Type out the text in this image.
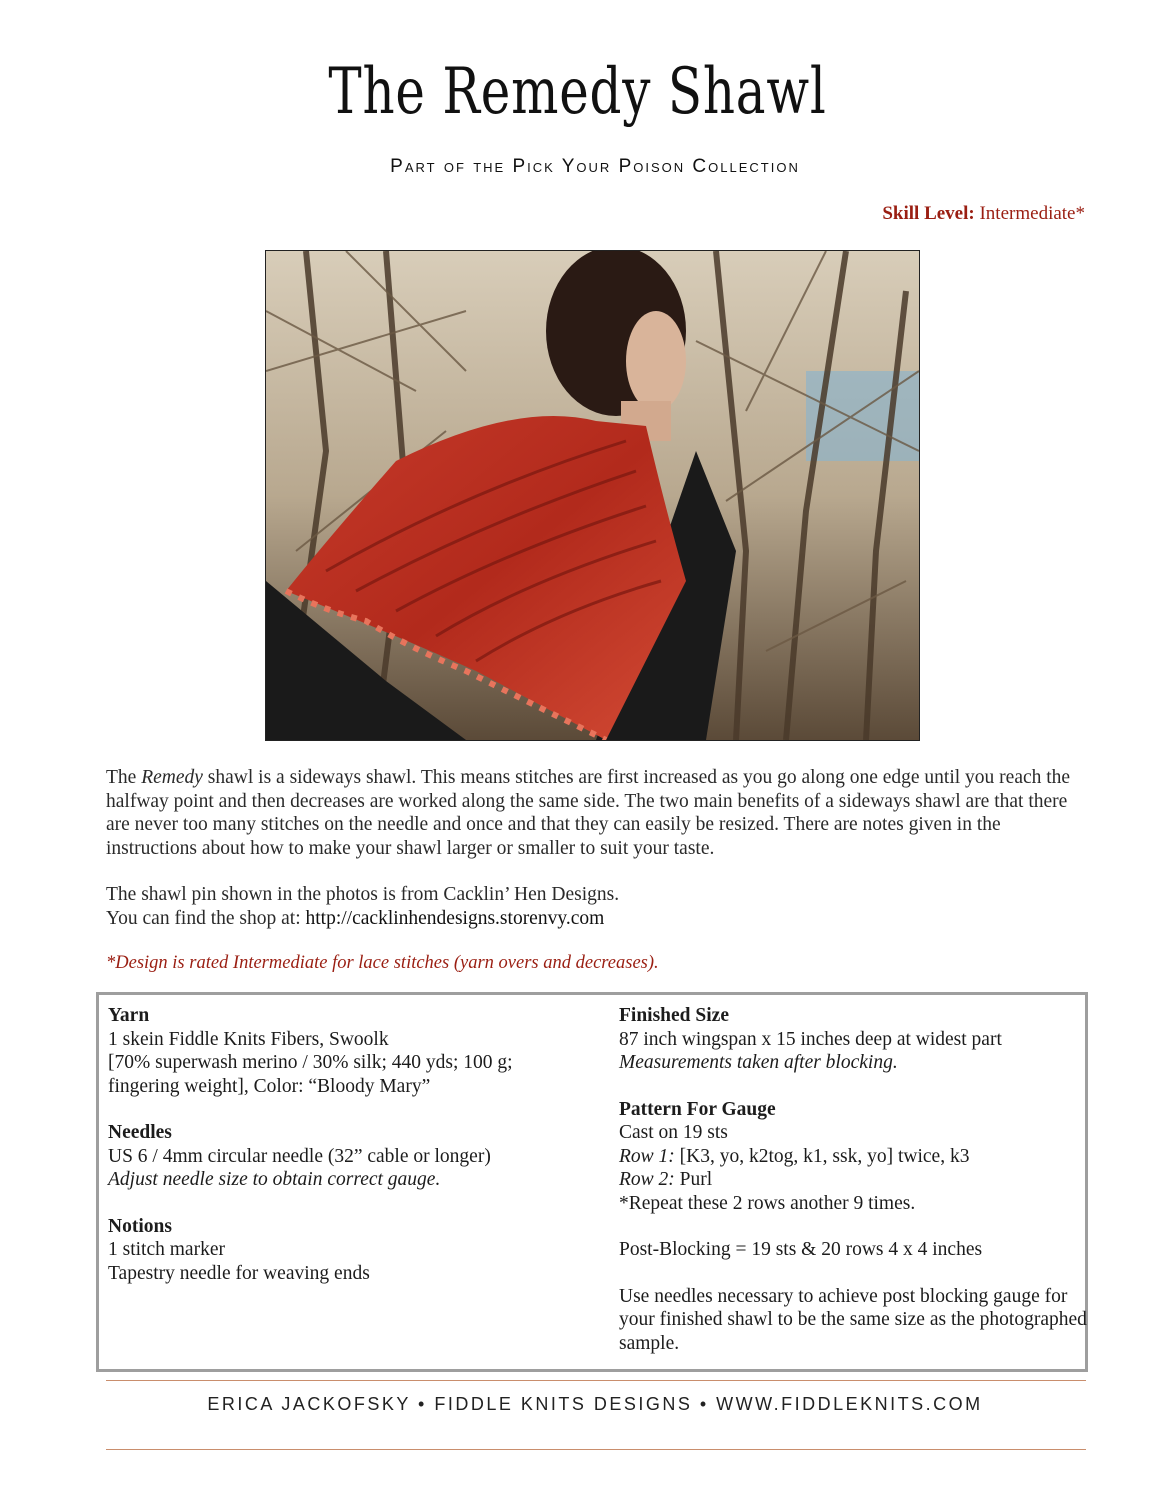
The Remedy Shawl
Part of the Pick Your Poison Collection
Skill Level: Intermediate*

The Remedy shawl is a sideways shawl. This means stitches are first increased as you go along one edge until you reach the halfway point and then decreases are worked along the same side. The two main benefits of a sideways shawl are that there are never too many stitches on the needle and once and that they can easily be resized. There are notes given in the instructions about how to make your shawl larger or smaller to suit your taste.

The shawl pin shown in the photos is from Cacklin’ Hen Designs.

You can find the shop at: http://cacklinhendesigns.storenvy.com

*Design is rated Intermediate for lace stitches (yarn overs and decreases).
Yarn

1 skein Fiddle Knits Fibers, Swoolk

[70% superwash merino / 30% silk; 440 yds; 100 g;

fingering weight], Color: “Bloody Mary”

Needles

US 6 / 4mm circular needle (32” cable or longer)

Adjust needle size to obtain correct gauge.

Notions

1 stitch marker

Tapestry needle for weaving ends

Finished Size

87 inch wingspan x 15 inches deep at widest part

Measurements taken after blocking.

Pattern For Gauge

Cast on 19 sts

Row 1: [K3, yo, k2tog, k1, ssk, yo] twice, k3

Row 2: Purl

*Repeat these 2 rows another 9 times.

Post-Blocking = 19 sts & 20 rows 4 x 4 inches

Use needles necessary to achieve post blocking gauge for your finished shawl to be the same size as the photographed sample.

ERICA JACKOFSKY • FIDDLE KNITS DESIGNS • WWW.FIDDLEKNITS.COM
